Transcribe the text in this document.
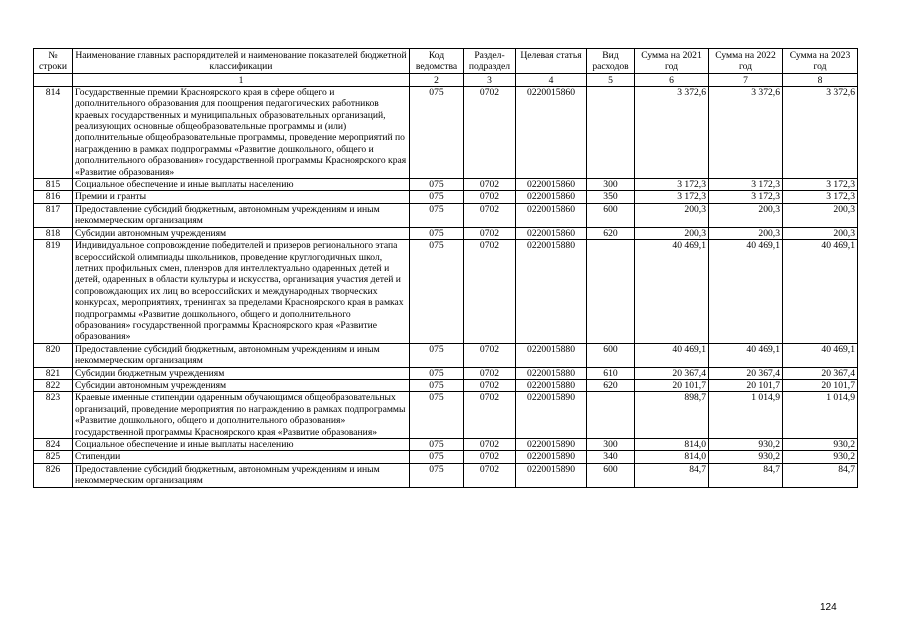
№ строки	Наименование главных распорядителей и наименование показателей бюджетной классификации	Код ведомства	Раздел-подраздел	Целевая статья	Вид расходов	Сумма на 2021 год	Сумма на 2022 год	Сумма на 2023 год
	1	2	3	4	5	6	7	8
814	Государственные премии Красноярского края в сфере общего и дополнительного образования для поощрения педагогических работников краевых государственных и муниципальных образовательных организаций, реализующих основные общеобразовательные программы и (или) дополнительные общеобразовательные программы, проведение мероприятий по награждению в рамках подпрограммы «Развитие дошкольного, общего и дополнительного образования» государственной программы Красноярского края «Развитие образования»	075	0702	0220015860		3 372,6	3 372,6	3 372,6
815	Социальное обеспечение и иные выплаты населению	075	0702	0220015860	300	3 172,3	3 172,3	3 172,3
816	Премии и гранты	075	0702	0220015860	350	3 172,3	3 172,3	3 172,3
817	Предоставление субсидий бюджетным, автономным учреждениям и иным некоммерческим организациям	075	0702	0220015860	600	200,3	200,3	200,3
818	Субсидии автономным учреждениям	075	0702	0220015860	620	200,3	200,3	200,3
819	Индивидуальное сопровождение победителей и призеров регионального этапа всероссийской олимпиады школьников, проведение круглогодичных школ, летних профильных смен, пленэров для интеллектуально одаренных детей и детей, одаренных в области культуры и искусства, организация участия детей и сопровождающих их лиц во всероссийских и международных творческих конкурсах, мероприятиях, тренингах за пределами Красноярского края в рамках подпрограммы «Развитие дошкольного, общего и дополнительного образования» государственной программы Красноярского края «Развитие образования»	075	0702	0220015880		40 469,1	40 469,1	40 469,1
820	Предоставление субсидий бюджетным, автономным учреждениям и иным некоммерческим организациям	075	0702	0220015880	600	40 469,1	40 469,1	40 469,1
821	Субсидии бюджетным учреждениям	075	0702	0220015880	610	20 367,4	20 367,4	20 367,4
822	Субсидии автономным учреждениям	075	0702	0220015880	620	20 101,7	20 101,7	20 101,7
823	Краевые именные стипендии одаренным обучающимся общеобразовательных организаций, проведение мероприятия по награждению в рамках подпрограммы «Развитие дошкольного, общего и дополнительного образования» государственной программы Красноярского края «Развитие образования»	075	0702	0220015890		898,7	1 014,9	1 014,9
824	Социальное обеспечение и иные выплаты населению	075	0702	0220015890	300	814,0	930,2	930,2
825	Стипендии	075	0702	0220015890	340	814,0	930,2	930,2
826	Предоставление субсидий бюджетным, автономным учреждениям и иным некоммерческим организациям	075	0702	0220015890	600	84,7	84,7	84,7
124
